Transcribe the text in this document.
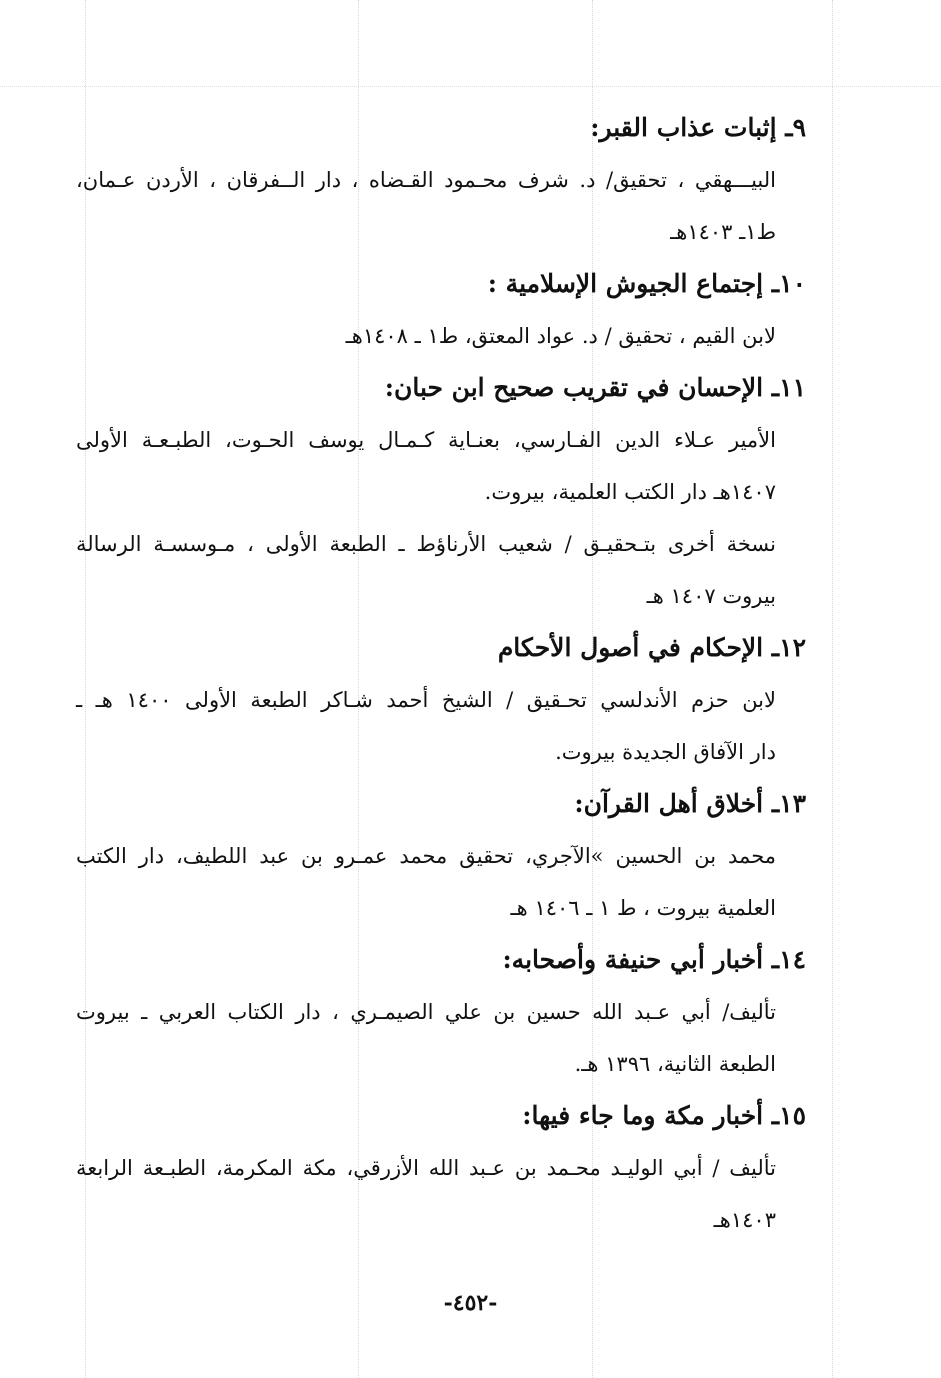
٩ـ إثبات عذاب القبر:
البيـــهقي ، تحقيق/ د. شرف محـمود القـضاه ، دار الــفرقان ، الأردن عـمان،
ط١ـ ١٤٠٣هـ
١٠ـ إجتماع الجيوش الإسلامية :
لابن القيم ، تحقيق / د. عواد المعتق، ط١ ـ ١٤٠٨هـ
١١ـ الإحسان في تقريب صحيح ابن حبان:
الأمير عـلاء الدين الفـارسي، بعنـاية كـمـال يوسف الحـوت، الطبـعـة الأولى
١٤٠٧هـ دار الكتب العلمية، بيروت.
نسخة أخرى بتـحقيـق / شعيب الأرناؤط ـ الطبعة الأولى ، مـوسسـة الرسالة
بيروت ١٤٠٧ هـ
١٢ـ الإحكام في أصول الأحكام
لابن حزم الأندلسي تحـقيق / الشيخ أحمد شـاكر الطبعة الأولى ١٤٠٠ هـ ـ
دار الآفاق الجديدة بيروت.
١٣ـ أخلاق أهل القرآن:
محمد بن الحسين »الآجري، تحقيق محمد عمـرو بن عبد اللطيف، دار الكتب
العلمية بيروت ، ط ١ ـ ١٤٠٦ هـ
١٤ـ أخبار أبي حنيفة وأصحابه:
تأليف/ أبي عـبد الله حسين بن علي الصيمـري ، دار الكتاب العربي ـ بيروت
الطبعة الثانية، ١٣٩٦ هـ.
١٥ـ أخبار مكة وما جاء فيها:
تأليف / أبي الوليـد محـمد بن عـبد الله الأزرقي، مكة المكرمة، الطبـعة الرابعة
١٤٠٣هـ
-٤٥٢-
